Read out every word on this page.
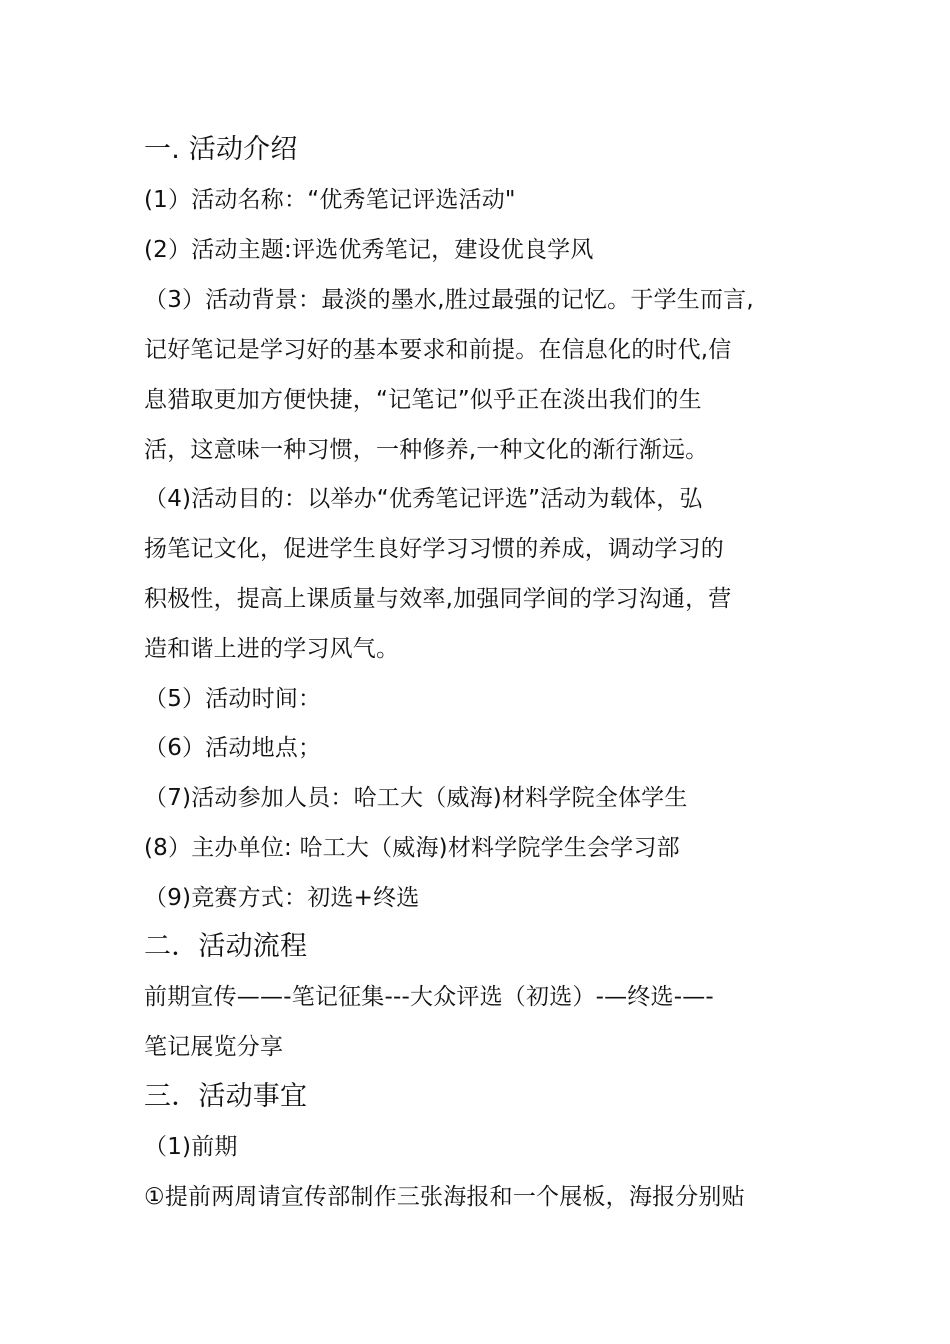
一. 活动介绍
(1）活动名称：“优秀笔记评选活动"
(2）活动主题:评选优秀笔记，建设优良学风
（3）活动背景：最淡的墨水,胜过最强的记忆。于学生而言,
记好笔记是学习好的基本要求和前提。在信息化的时代,信
息猎取更加方便快捷，“记笔记”似乎正在淡出我们的生
活，这意味一种习惯，一种修养,一种文化的渐行渐远。
（4)活动目的：以举办“优秀笔记评选”活动为载体，弘
扬笔记文化，促进学生良好学习习惯的养成，调动学习的
积极性，提高上课质量与效率,加强同学间的学习沟通，营
造和谐上进的学习风气。
（5）活动时间：
（6）活动地点；
（7)活动参加人员：哈工大（威海)材料学院全体学生
(8）主办单位: 哈工大（威海)材料学院学生会学习部
（9)竞赛方式：初选+终选
二．活动流程
前期宣传——-笔记征集---大众评选（初选）-—终选-—-
笔记展览分享
三．活动事宜
（1)前期
①提前两周请宣传部制作三张海报和一个展板，海报分别贴
